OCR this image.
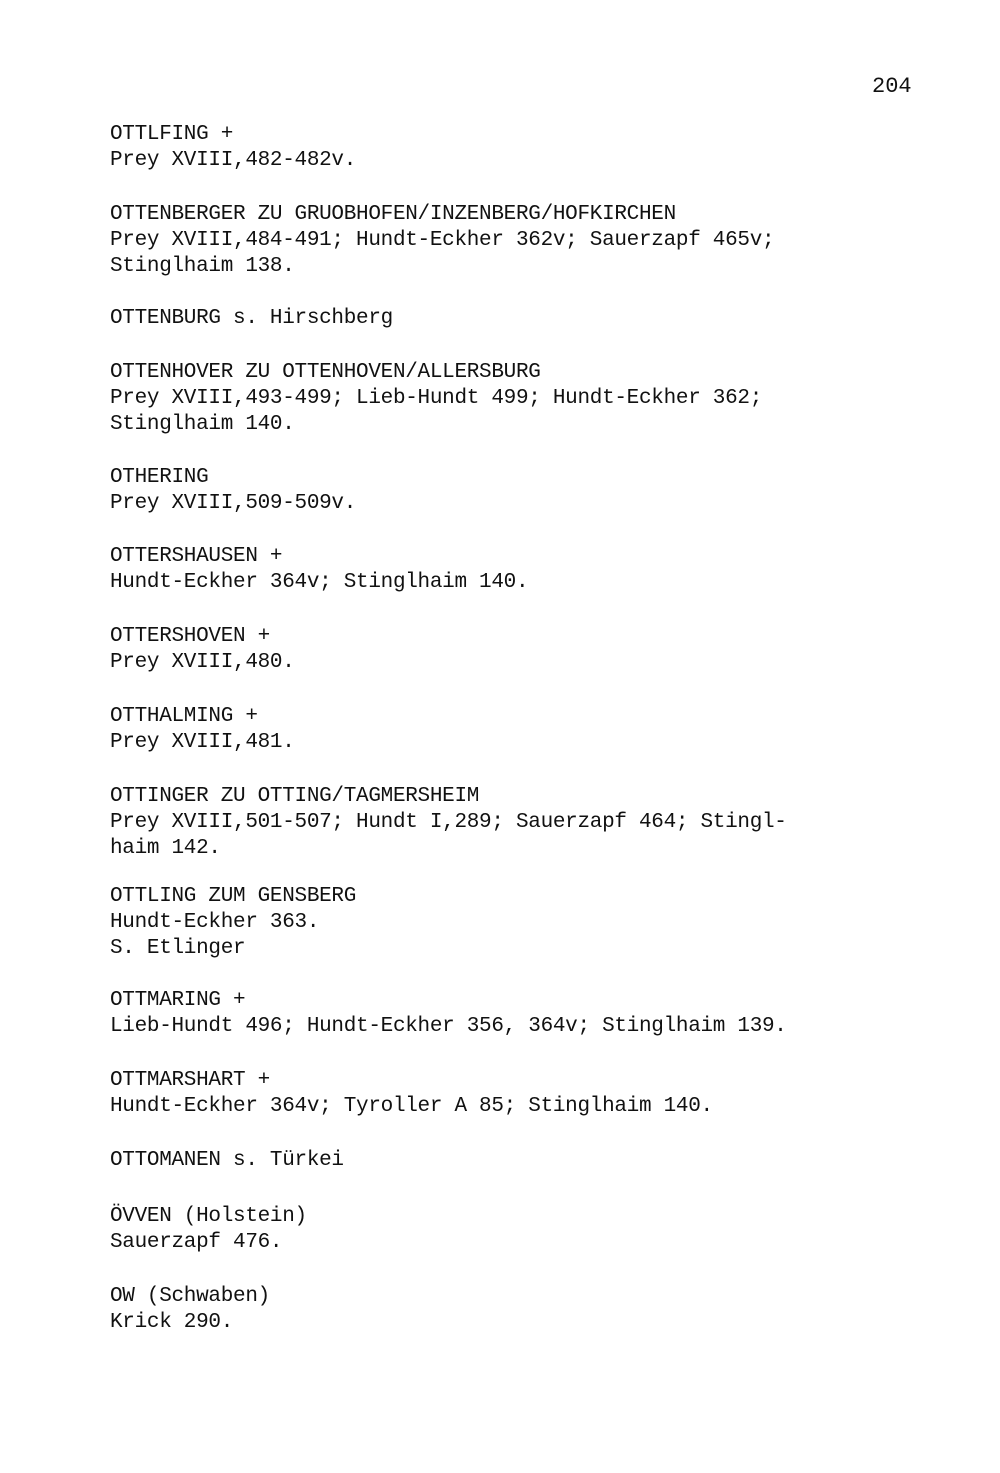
204
OTTLFING +
Prey XVIII,482-482v.
OTTENBERGER ZU GRUOBHOFEN/INZENBERG/HOFKIRCHEN
Prey XVIII,484-491; Hundt-Eckher 362v; Sauerzapf 465v;
Stinglhaim 138.
OTTENBURG s. Hirschberg
OTTENHOVER ZU OTTENHOVEN/ALLERSBURG
Prey XVIII,493-499; Lieb-Hundt 499; Hundt-Eckher 362;
Stinglhaim 140.
OTHERING
Prey XVIII,509-509v.
OTTERSHAUSEN +
Hundt-Eckher 364v; Stinglhaim 140.
OTTERSHOVEN +
Prey XVIII,480.
OTTHALMING +
Prey XVIII,481.
OTTINGER ZU OTTING/TAGMERSHEIM
Prey XVIII,501-507; Hundt I,289; Sauerzapf 464; Stingl-
haim 142.
OTTLING ZUM GENSBERG
Hundt-Eckher 363.
S. Etlinger
OTTMARING +
Lieb-Hundt 496; Hundt-Eckher 356, 364v; Stinglhaim 139.
OTTMARSHART +
Hundt-Eckher 364v; Tyroller A 85; Stinglhaim 140.
OTTOMANEN s. Türkei
ÖVVEN (Holstein)
Sauerzapf 476.
OW (Schwaben)
Krick 290.
